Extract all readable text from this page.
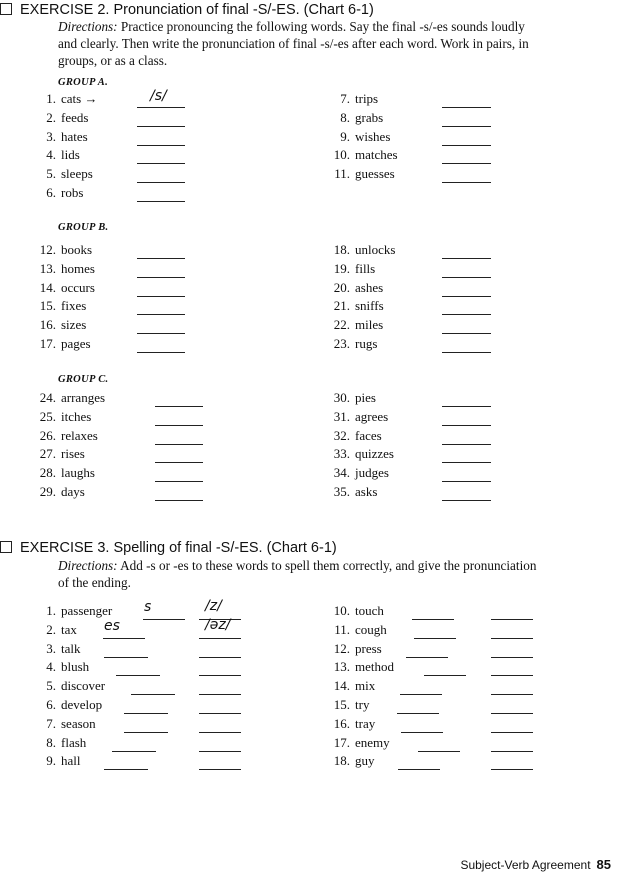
EXERCISE 2. Pronunciation of final -S/-ES. (Chart 6-1)
Directions: Practice pronouncing the following words. Say the final -s/-es sounds loudly
and clearly. Then write the pronunciation of final -s/-es after each word. Work in pairs, in
groups, or as a class.
GROUP A.
GROUP B.
GROUP C.
1. cats →
2. feeds
3. hates
4. lids
5. sleeps
6. robs
7. trips
8. grabs
9. wishes
10. matches
11. guesses
12. books
13. homes
14. occurs
15. fixes
16. sizes
17. pages
18. unlocks
19. fills
20. ashes
21. sniffs
22. miles
23. rugs
24. arranges
25. itches
26. relaxes
27. rises
28. laughs
29. days
30. pies
31. agrees
32. faces
33. quizzes
34. judges
35. asks
/s/
EXERCISE 3. Spelling of final -S/-ES. (Chart 6-1)
Directions: Add -s or -es to these words to spell them correctly, and give the pronunciation
of the ending.
1. passenger s	/z/
2. tax es	/əz/
3. talk
4. blush
5. discover
6. develop
7. season
8. flash
9. hall
10. touch
11. cough
12. press
13. method
14. mix
15. try
16. tray
17. enemy
18. guy
Subject-Verb Agreement 85
